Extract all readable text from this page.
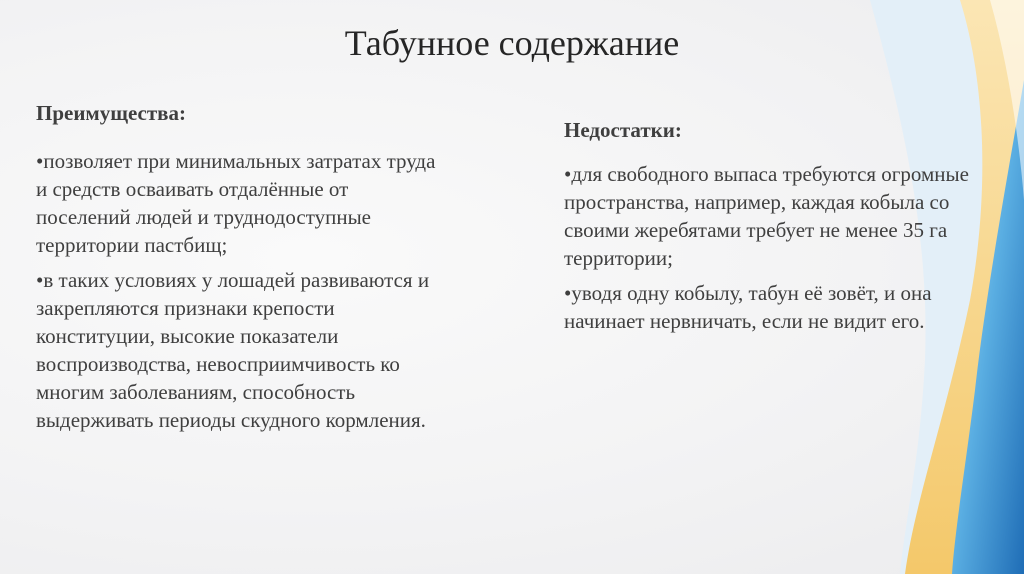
Табунное содержание
Преимущества:

•позволяет при минимальных затратах труда и средств осваивать отдалённые от поселений людей и труднодоступные территории пастбищ;

•в таких условиях у лошадей развиваются и закрепляются признаки крепости конституции, высокие показатели воспроизводства, невосприимчивость ко многим заболеваниям, способность выдерживать периоды скудного кормления.

Недостатки:

•для свободного выпаса требуются огромные пространства, например, каждая кобыла со своими жеребятами требует не менее 35 га территории;

•уводя одну кобылу, табун её зовёт, и она начинает нервничать, если не видит его.
